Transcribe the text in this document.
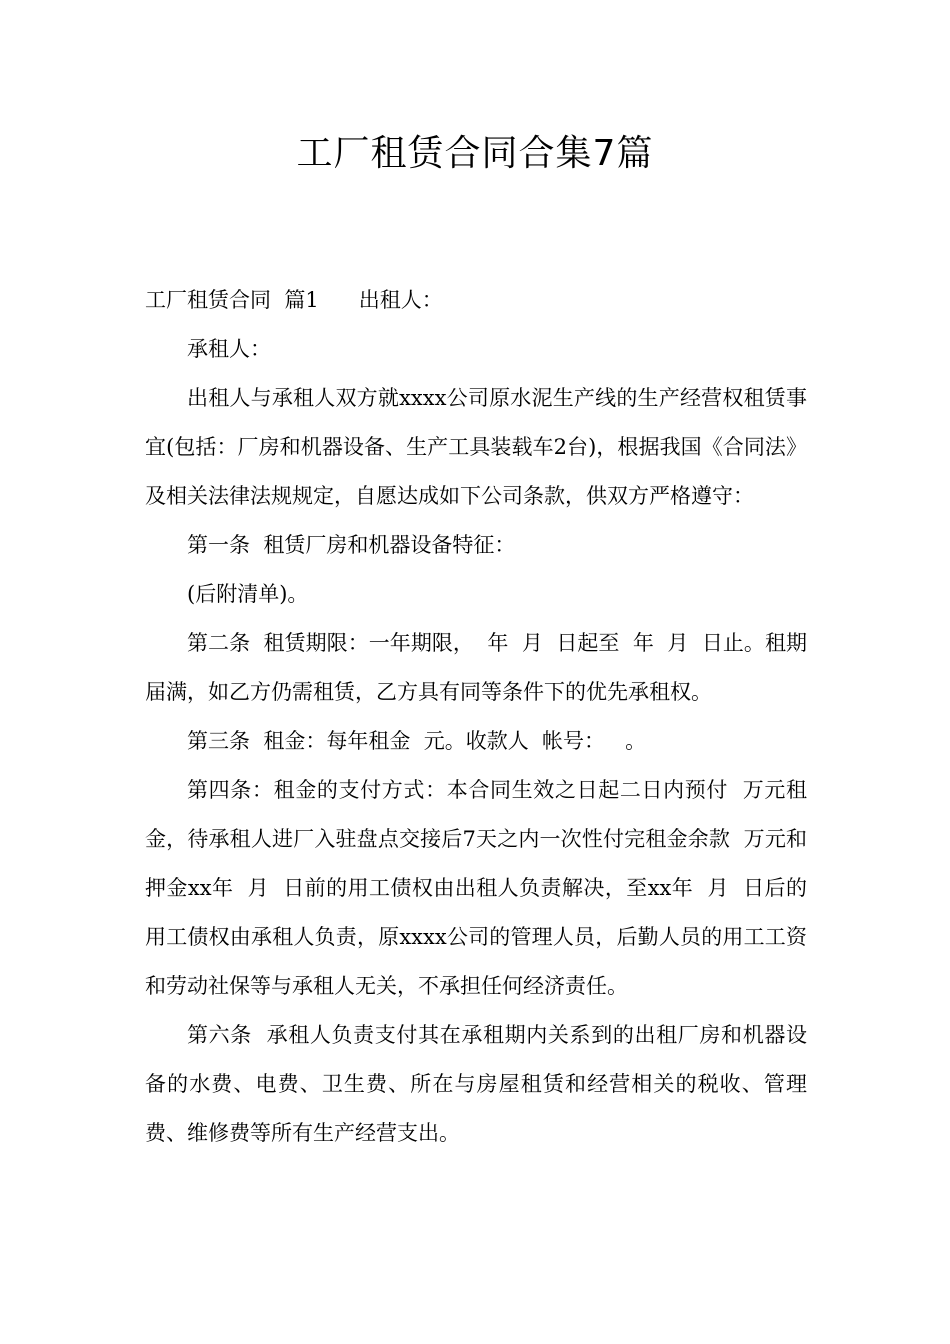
工厂租赁合同合集7篇

工厂租赁合同  篇1      出租人：

承租人：

出租人与承租人双方就xxxx公司原水泥生产线的生产经营权租赁事宜(包括：厂房和机器设备、生产工具装载车2台)，根据我国《合同法》及相关法律法规规定，自愿达成如下公司条款，供双方严格遵守：

第一条  租赁厂房和机器设备特征：

(后附清单)。

第二条  租赁期限：一年期限，  年  月  日起至  年  月  日止。租期届满，如乙方仍需租赁，乙方具有同等条件下的优先承租权。

第三条  租金：每年租金  元。收款人  帐号：   。

第四条：租金的支付方式：本合同生效之日起二日内预付  万元租金，待承租人进厂入驻盘点交接后7天之内一次性付完租金余款  万元和押金xx年  月  日前的用工债权由出租人负责解决，至xx年  月  日后的用工债权由承租人负责，原xxxx公司的管理人员，后勤人员的用工工资和劳动社保等与承租人无关，不承担任何经济责任。

第六条  承租人负责支付其在承租期内关系到的出租厂房和机器设备的水费、电费、卫生费、所在与房屋租赁和经营相关的税收、管理费、维修费等所有生产经营支出。
